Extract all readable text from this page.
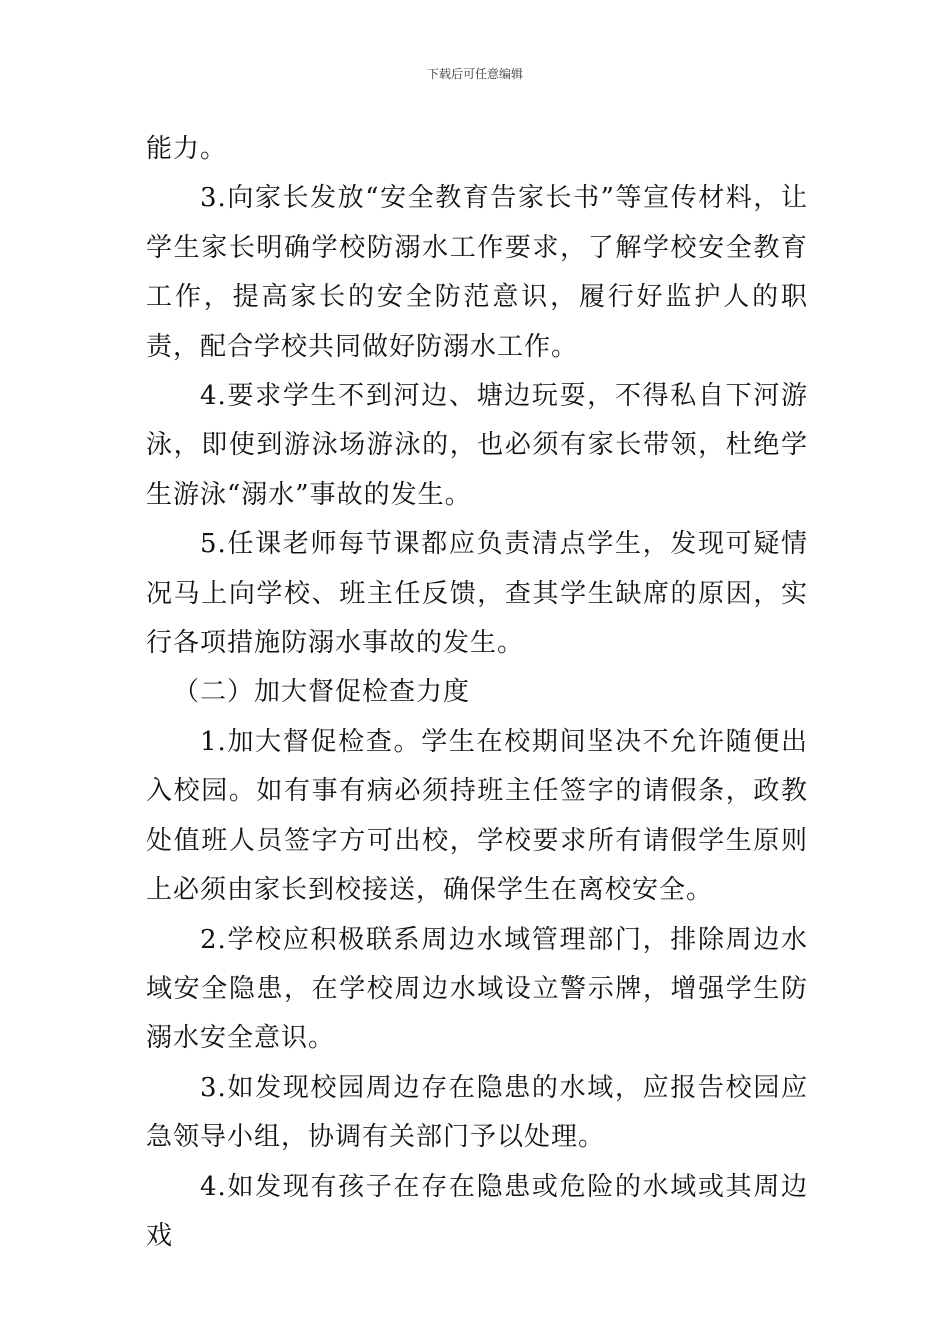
下载后可任意编辑

能力。

3.向家长发放“安全教育告家长书”等宣传材料，让学生家长明确学校防溺水工作要求，了解学校安全教育工作，提高家长的安全防范意识，履行好监护人的职责，配合学校共同做好防溺水工作。

4.要求学生不到河边、塘边玩耍，不得私自下河游泳，即使到游泳场游泳的，也必须有家长带领，杜绝学生游泳“溺水”事故的发生。

5.任课老师每节课都应负责清点学生，发现可疑情况马上向学校、班主任反馈，查其学生缺席的原因，实行各项措施防溺水事故的发生。

（二）加大督促检查力度

1.加大督促检查。学生在校期间坚决不允许随便出入校园。如有事有病必须持班主任签字的请假条，政教处值班人员签字方可出校，学校要求所有请假学生原则上必须由家长到校接送，确保学生在离校安全。

2.学校应积极联系周边水域管理部门，排除周边水域安全隐患，在学校周边水域设立警示牌，增强学生防溺水安全意识。

3.如发现校园周边存在隐患的水域，应报告校园应急领导小组，协调有关部门予以处理。

4.如发现有孩子在存在隐患或危险的水域或其周边戏
